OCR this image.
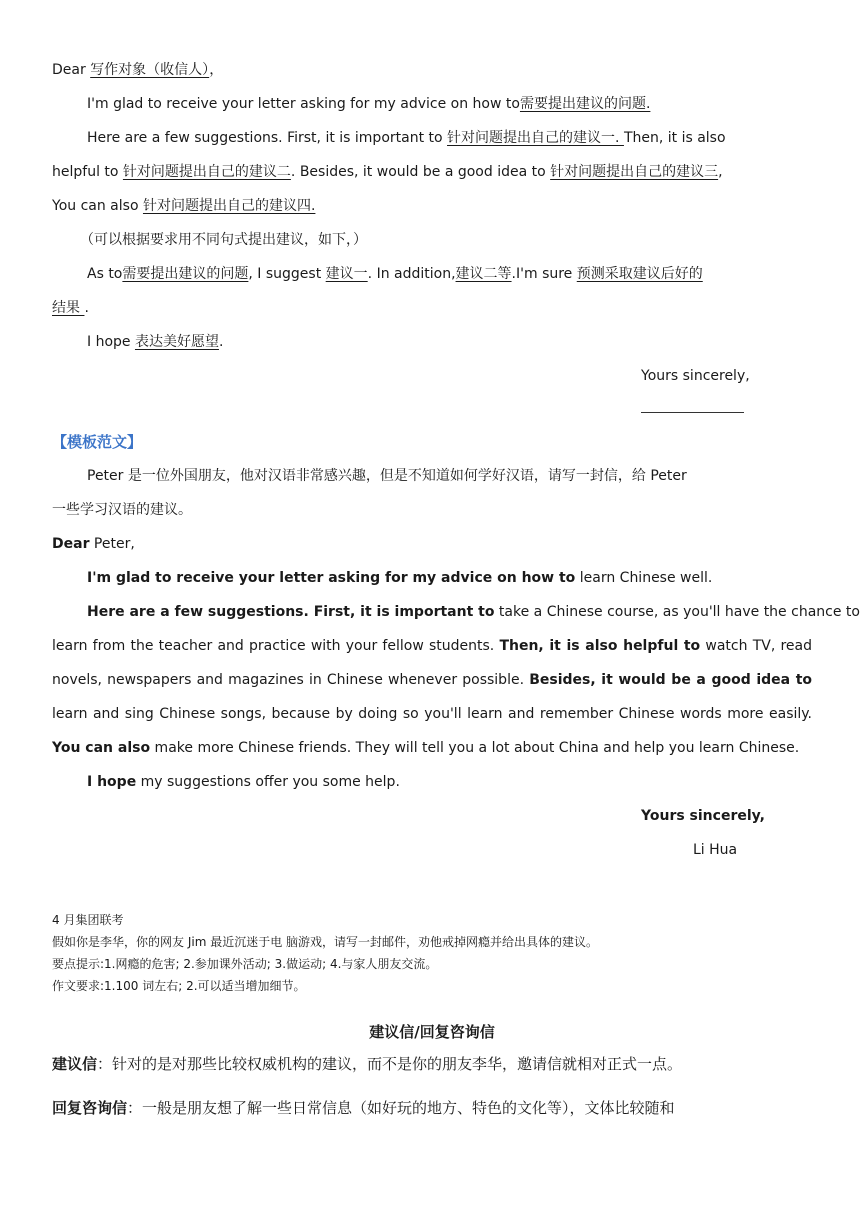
Dear 写作对象（收信人），
I'm glad to receive your letter asking for my advice on how to需要提出建议的问题.
Here are a few suggestions. First, it is important to 针对问题提出自己的建议一. Then, it is also
helpful to 针对问题提出自己的建议二. Besides, it would be a good idea to 针对问题提出自己的建议三,
You can also 针对问题提出自己的建议四.
（可以根据要求用不同句式提出建议，如下，）
As to需要提出建议的问题, I suggest 建议一. In addition,建议二等.I'm sure 预测采取建议后好的
结果 .
I hope 表达美好愿望.
Yours sincerely,
【模板范文】
Peter 是一位外国朋友，他对汉语非常感兴趣，但是不知道如何学好汉语，请写一封信，给 Peter
一些学习汉语的建议。
Dear Peter,
I'm glad to receive your letter asking for my advice on how to learn Chinese well.
Here are a few suggestions. First, it is important to take a Chinese course, as you'll have the chance to
learn from the teacher and practice with your fellow students. Then, it is also helpful to watch TV, read
novels, newspapers and magazines in Chinese whenever possible. Besides, it would be a good idea to
learn and sing Chinese songs, because by doing so you'll learn and remember Chinese words more easily.
You can also make more Chinese friends. They will tell you a lot about China and help you learn Chinese.
I hope my suggestions offer you some help.
Yours sincerely,
Li Hua
4 月集团联考
假如你是李华，你的网友 Jim 最近沉迷于电 脑游戏，请写一封邮件，劝他戒掉网瘾并给出具体的建议。
要点提示:1.网瘾的危害; 2.参加课外活动; 3.做运动; 4.与家人朋友交流。
作文要求:1.100 词左右; 2.可以适当增加细节。
建议信/回复咨询信
建议信：针对的是对那些比较权威机构的建议，而不是你的朋友李华，邀请信就相对正式一点。
回复咨询信：一般是朋友想了解一些日常信息（如好玩的地方、特色的文化等），文体比较随和
